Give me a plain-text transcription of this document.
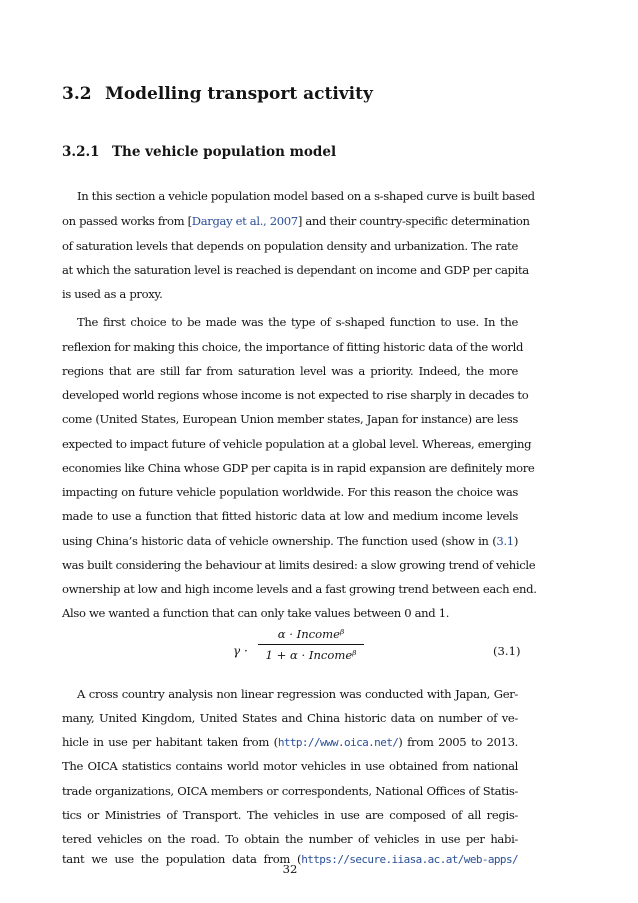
3.2 Modelling transport activity
3.2.1 The vehicle population model
In this section a vehicle population model based on a s-shaped curve is built based
on passed works from [Dargay et al., 2007] and their country-specific determination
of saturation levels that depends on population density and urbanization. The rate
at which the saturation level is reached is dependant on income and GDP per capita
is used as a proxy.
The first choice to be made was the type of s-shaped function to use. In the
reflexion for making this choice, the importance of fitting historic data of the world
regions that are still far from saturation level was a priority. Indeed, the more
developed world regions whose income is not expected to rise sharply in decades to
come (United States, European Union member states, Japan for instance) are less
expected to impact future of vehicle population at a global level. Whereas, emerging
economies like China whose GDP per capita is in rapid expansion are definitely more
impacting on future vehicle population worldwide. For this reason the choice was
made to use a function that fitted historic data at low and medium income levels
using China’s historic data of vehicle ownership. The function used (show in (3.1)
was built considering the behaviour at limits desired: a slow growing trend of vehicle
ownership at low and high income levels and a fast growing trend between each end.
Also we wanted a function that can only take values between 0 and 1.
γ ·
α · Incomeᵝ
1 + α · Incomeᵝ	(3.1)
A cross country analysis non linear regression was conducted with Japan, Ger-
many, United Kingdom, United States and China historic data on number of ve-
hicle in use per habitant taken from (http://www.oica.net/) from 2005 to 2013.
The OICA statistics contains world motor vehicles in use obtained from national
trade organizations, OICA members or correspondents, National Offices of Statis-
tics or Ministries of Transport. The vehicles in use are composed of all regis-
tered vehicles on the road. To obtain the number of vehicles in use per habi-
tant we use the population data from (https://secure.iiasa.ac.at/web-apps/
32
